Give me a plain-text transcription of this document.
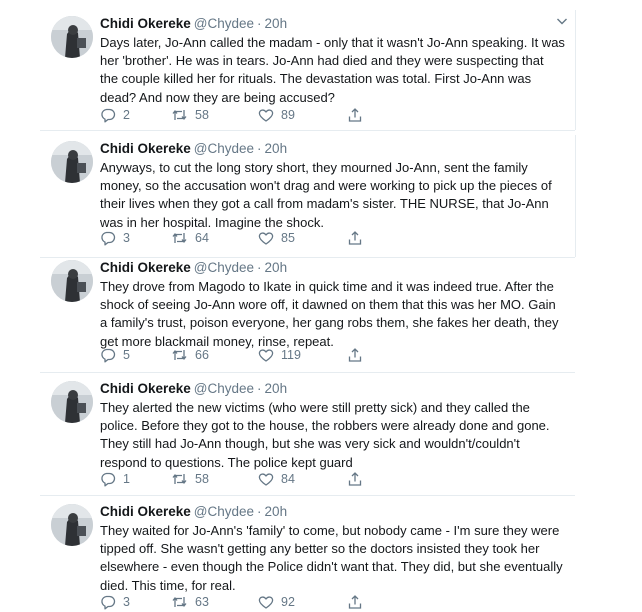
Chidi Okereke @Chydee · 20h
Days later, Jo-Ann called the madam - only that it wasn't Jo-Ann speaking. It was her 'brother'. He was in tears. Jo-Ann had died and they were suspecting that the couple killed her for rituals. The devastation was total. First Jo-Ann was dead? And now they are being accused?
2	58	89
Chidi Okereke @Chydee · 20h
Anyways, to cut the long story short, they mourned Jo-Ann, sent the family money, so the accusation won't drag and were working to pick up the pieces of their lives when they got a call from madam's sister. THE NURSE, that Jo-Ann was in her hospital. Imagine the shock.
3	64	85
Chidi Okereke @Chydee · 20h
They drove from Magodo to Ikate in quick time and it was indeed true. After the shock of seeing Jo-Ann wore off, it dawned on them that this was her MO. Gain a family's trust, poison everyone, her gang robs them, she fakes her death, they get more blackmail money, rinse, repeat.
5	66	119
Chidi Okereke @Chydee · 20h
They alerted the new victims (who were still pretty sick) and they called the police. Before they got to the house, the robbers were already done and gone. They still had Jo-Ann though, but she was very sick and wouldn't/couldn't respond to questions. The police kept guard
1	58	84
Chidi Okereke @Chydee · 20h
They waited for Jo-Ann's 'family' to come, but nobody came - I'm sure they were tipped off. She wasn't getting any better so the doctors insisted they took her elsewhere - even though the Police didn't want that. They did, but she eventually died. This time, for real.
3	63	92
